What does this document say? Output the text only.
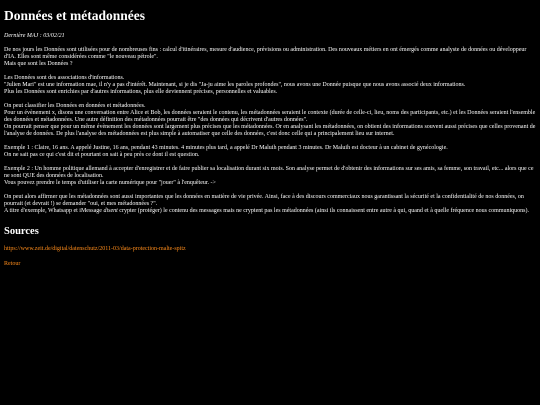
Données et métadonnées

Dernière MAJ : 03/02/21

De nos jours les Données sont utilisées pour de nombreuses fins : calcul d'itinéraires, mesure d'audience, prévisions ou administration. Des nouveaux métiers en ont émergés comme analyste de données ou développeur d'IA. Elles sont même considérées comme "le nouveau pétrole".
Mais que sont les Données ?

Les Données sont des associations d'informations.
"Julien Mari" est une information mae, il n'y a pas d'intérêt. Maintenant, si je dis "Ja-ju aime les paroles profondes", nous avons une Donnée puisque que nous avons associé deux informations.
Plus les Données sont enrichies par d'autres informations, plus elle deviennent précises, personnelles et valuables.

On peut classifier les Données en données et métadonnées.
Pour un évènement x, disons une conversation entre Alice et Bob, les données seraient le contenu, les métadonnées seraient le contexte (durée de celle-ci, lieu, noms des participants, etc.) et les Données seraient l'ensemble des données et métadonnées. Une autre définition des métadonnées pourrait être "des données qui décrivent d'autres données".
On pourrait penser que pour un même évènement les données sont largement plus précises que les métadonnées. Or en analysant les métadonnées, on obtient des informations souvent aussi précises que celles provenant de l'analyse de données. De plus l'analyse des métadonnées est plus simple à automatiser que celle des données, c'est donc celle qui a principalement lieu sur internet.

Exemple 1 : Claire, 16 ans. A appelé Justine, 16 ans, pendant 43 minutes. 4 minutes plus tard, a appelé Dr Maluih pendant 3 minutes. Dr Maluih est docteur à un cabinet de gynécologie.
On ne sait pas ce qui c'est dit et pourtant on sait à peu près ce dont il est question.

Exemple 2 : Un homme politique allemand à accepter d'enregistrer et de faire publier sa localisation durant six mois. Son analyse permet de d'obtenir des informations sur ses amis, sa femme, son travail, etc... alors que ce ne sont QUE des données de localisation.
Vous pouvez prendre le temps d'utiliser la carte numérique pour "jouer" à l'enquêteur. ->

On peut alors affirmer que les métadonnées sont aussi importantes que les données en matière de vie privée. Ainsi, face à des discours commerciaux nous garantissant la sécurité et la confidentialité de nos données, on pourrait (et devrait !) se demander "oui, et mes métadonnées ?".
A titre d'exemple, Whatsapp et iMessage disent crypter (protéger) le contenu des messages mais ne cryptent pas les métadonnées (ainsi ils connaissent entre autre à qui, quand et à quelle fréquence nous communiquons).

Sources
https://www.zeit.de/digital/datenschutz/2011-03/data-protection-malte-spitz
Retour
